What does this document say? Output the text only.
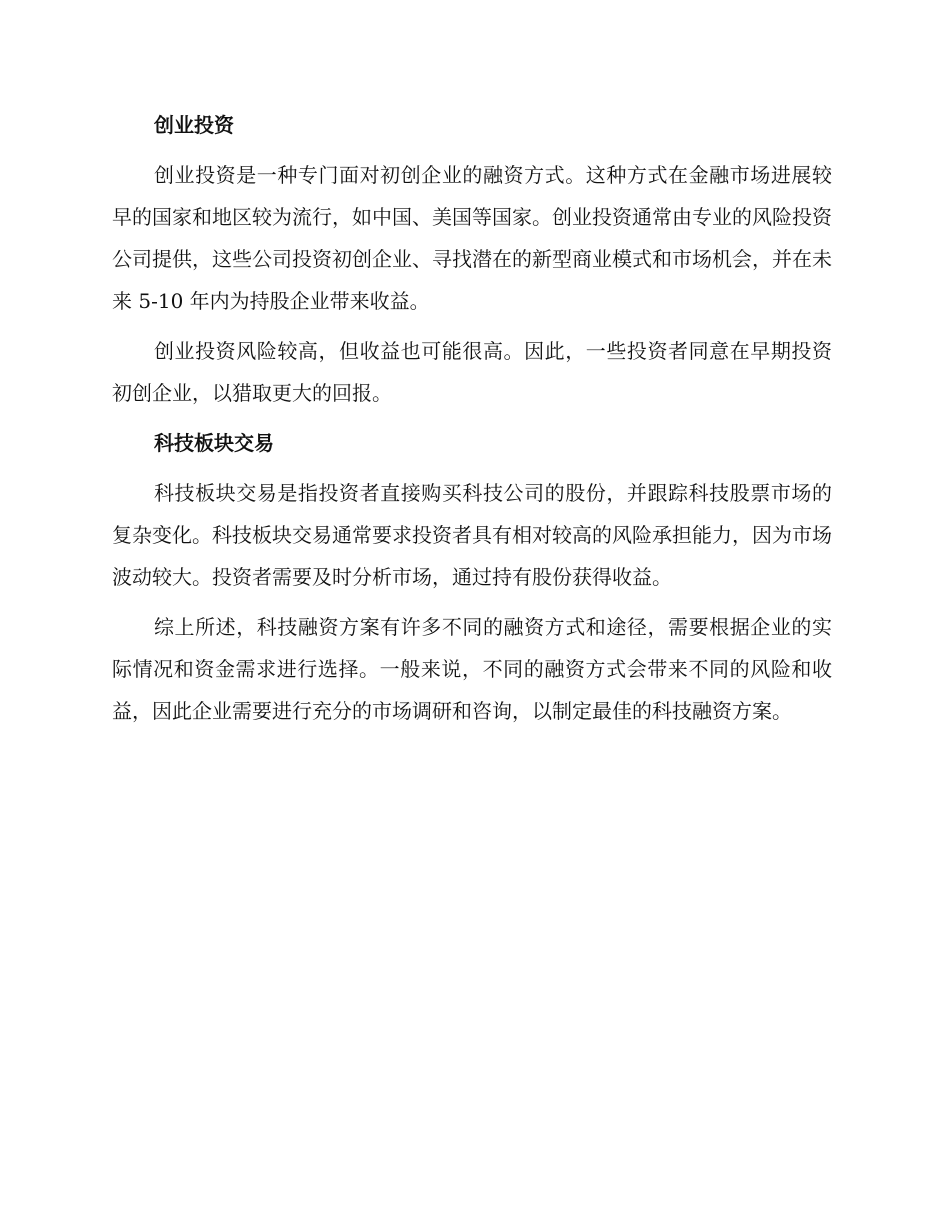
创业投资

创业投资是一种专门面对初创企业的融资方式。这种方式在金融市场进展较早的国家和地区较为流行，如中国、美国等国家。创业投资通常由专业的风险投资公司提供，这些公司投资初创企业、寻找潜在的新型商业模式和市场机会，并在未来 5-10 年内为持股企业带来收益。

创业投资风险较高，但收益也可能很高。因此，一些投资者同意在早期投资初创企业，以猎取更大的回报。

科技板块交易

科技板块交易是指投资者直接购买科技公司的股份，并跟踪科技股票市场的复杂变化。科技板块交易通常要求投资者具有相对较高的风险承担能力，因为市场波动较大。投资者需要及时分析市场，通过持有股份获得收益。

综上所述，科技融资方案有许多不同的融资方式和途径，需要根据企业的实际情况和资金需求进行选择。一般来说，不同的融资方式会带来不同的风险和收益，因此企业需要进行充分的市场调研和咨询，以制定最佳的科技融资方案。
